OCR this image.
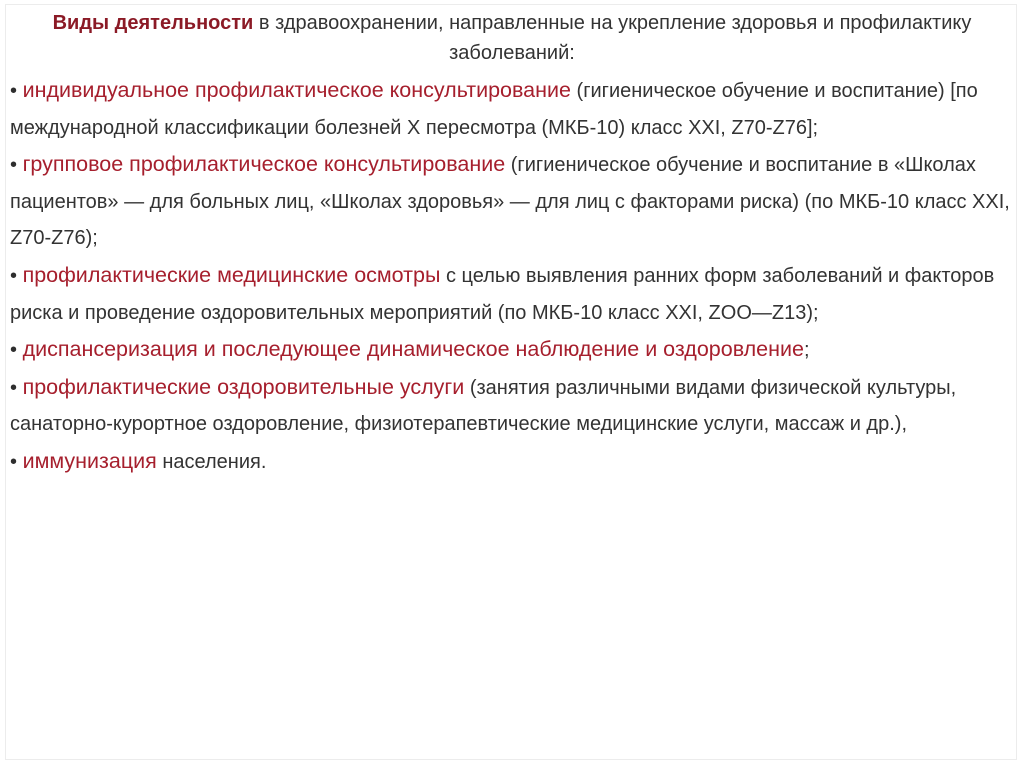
Виды деятельности в здравоохранении, направленные на укрепление здоровья и профилактику заболеваний:

• индивидуальное профилактическое консультирование (гигиеническое обучение и воспитание) [по международной классификации болезней X пересмотра (МКБ-10) класс XXI, Z70-Z76];

• групповое профилактическое консультирование (гигиеническое обучение и воспитание в «Школах пациентов» — для больных лиц, «Школах здоровья» — для лиц с факторами риска) (по МКБ-10 класс XXI, Z70-Z76);

• профилактические медицинские осмотры с целью выявления ранних форм заболеваний и факторов риска и проведение оздоровительных мероприятий (по МКБ-10 класс XXI, ZOO—Z13);

• диспансеризация и последующее динамическое наблюдение и оздоровление;

• профилактические оздоровительные услуги (занятия различными видами физической культуры, санаторно-курортное оздоровление, физиотерапевтические медицинские услуги, массаж и др.),

• иммунизация населения.
